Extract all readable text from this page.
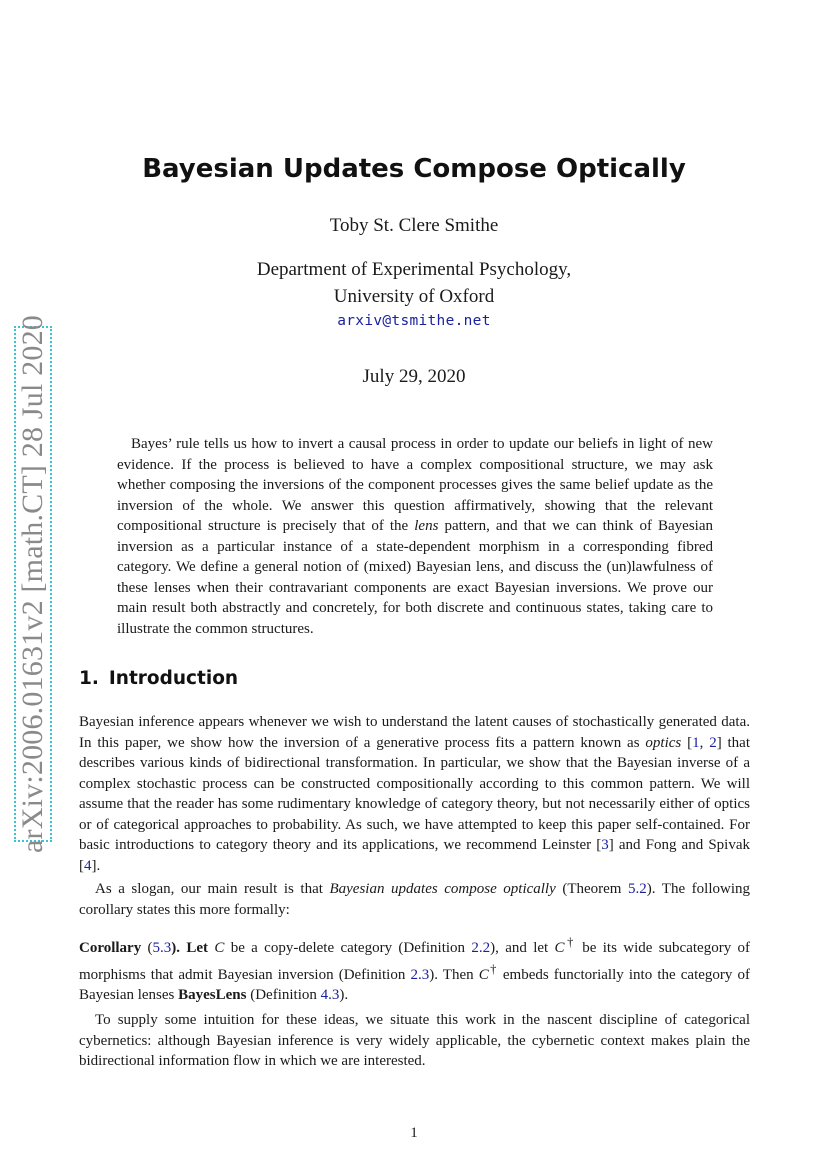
arXiv:2006.01631v2 [math.CT] 28 Jul 2020
Bayesian Updates Compose Optically
Toby St. Clere Smithe
Department of Experimental Psychology,
University of Oxford
arxiv@tsmithe.net
July 29, 2020

Bayes’ rule tells us how to invert a causal process in order to update our beliefs in light of new evidence. If the process is believed to have a complex compositional structure, we may ask whether composing the inversions of the component processes gives the same belief update as the inversion of the whole. We answer this question affirmatively, showing that the relevant compositional structure is precisely that of the lens pattern, and that we can think of Bayesian inversion as a particular instance of a state-dependent morphism in a corresponding fibred category. We define a general notion of (mixed) Bayesian lens, and discuss the (un)lawfulness of these lenses when their contravariant components are exact Bayesian inversions. We prove our main result both abstractly and concretely, for both discrete and continuous states, taking care to illustrate the common structures.

1. Introduction

Bayesian inference appears whenever we wish to understand the latent causes of stochastically generated data. In this paper, we show how the inversion of a generative process fits a pattern known as optics [1, 2] that describes various kinds of bidirectional transformation. In particular, we show that the Bayesian inverse of a complex stochastic process can be constructed compositionally according to this common pattern. We will assume that the reader has some rudimentary knowledge of category theory, but not necessarily either of optics or of categorical approaches to probability. As such, we have attempted to keep this paper self-contained. For basic introductions to category theory and its applications, we recommend Leinster [3] and Fong and Spivak [4].

As a slogan, our main result is that Bayesian updates compose optically (Theorem 5.2). The following corollary states this more formally:

Corollary (5.3). Let C be a copy-delete category (Definition 2.2), and let C† be its wide subcategory of morphisms that admit Bayesian inversion (Definition 2.3). Then C† embeds functorially into the category of Bayesian lenses BayesLens (Definition 4.3).

To supply some intuition for these ideas, we situate this work in the nascent discipline of categorical cybernetics: although Bayesian inference is very widely applicable, the cybernetic context makes plain the bidirectional information flow in which we are interested.

1
